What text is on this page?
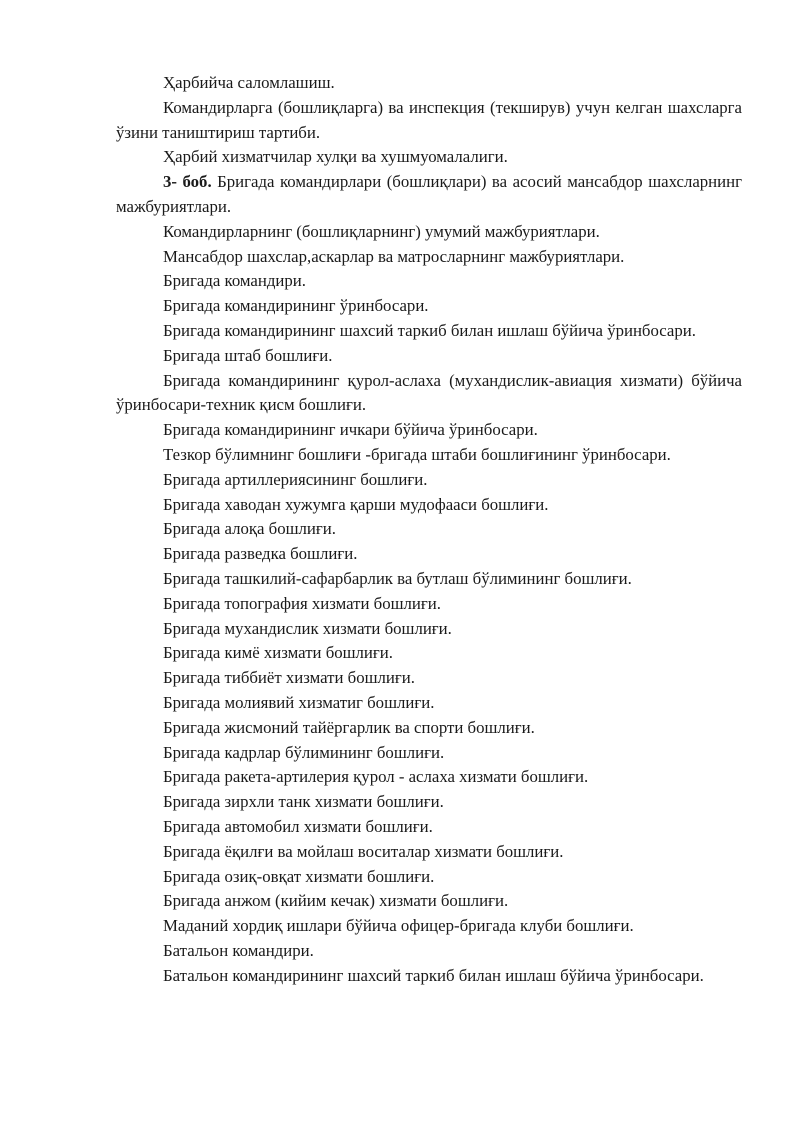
Ҳарбийча саломлашиш.

Командирларга (бошлиқларга) ва инспекция (текширув) учун келган шахсларга ўзини таништириш тартиби.

Ҳарбий хизматчилар хулқи ва хушмуомалалиги.

3- боб. Бригада командирлари (бошлиқлари) ва асосий мансабдор шахсларнинг мажбуриятлари.

Командирларнинг (бошлиқларнинг) умумий мажбуриятлари.

Мансабдор шахслар,аскарлар ва матросларнинг мажбуриятлари.

Бригада командири.

Бригада командирининг ўринбосари.

Бригада командирининг шахсий таркиб билан ишлаш бўйича ўринбосари.

Бригада штаб бошлиғи.

Бригада командирининг қурол-аслаха (мухандислик-авиация хизмати) бўйича ўринбосари-техник қисм бошлиғи.

Бригада командирининг ичкари бўйича ўринбосари.

Тезкор бўлимнинг бошлиғи -бригада штаби бошлиғининг ўринбосари.

Бригада артиллериясининг бошлиғи.

Бригада хаводан хужумга қарши мудофааси бошлиғи.

Бригада алоқа бошлиғи.

Бригада разведка бошлиғи.

Бригада ташкилий-сафарбарлик ва бутлаш бўлимининг бошлиғи.

Бригада топография хизмати бошлиғи.

Бригада мухандислик хизмати бошлиғи.

Бригада кимё хизмати бошлиғи.

Бригада тиббиёт хизмати бошлиғи.

Бригада молиявий хизматиг бошлиғи.

Бригада жисмоний тайёргарлик ва спорти бошлиғи.

Бригада кадрлар бўлимининг бошлиғи.

Бригада ракета-артилерия қурол - аслаха хизмати бошлиғи.

Бригада зирхли танк хизмати бошлиғи.

Бригада автомобил хизмати бошлиғи.

Бригада ёқилғи ва мойлаш воситалар хизмати бошлиғи.

Бригада озиқ-овқат хизмати бошлиғи.

Бригада анжом (кийим кечак) хизмати бошлиғи.

Маданий хордиқ ишлари бўйича офицер-бригада клуби бошлиғи.

Батальон командири.

Батальон командирининг шахсий таркиб билан ишлаш бўйича ўринбосари.
